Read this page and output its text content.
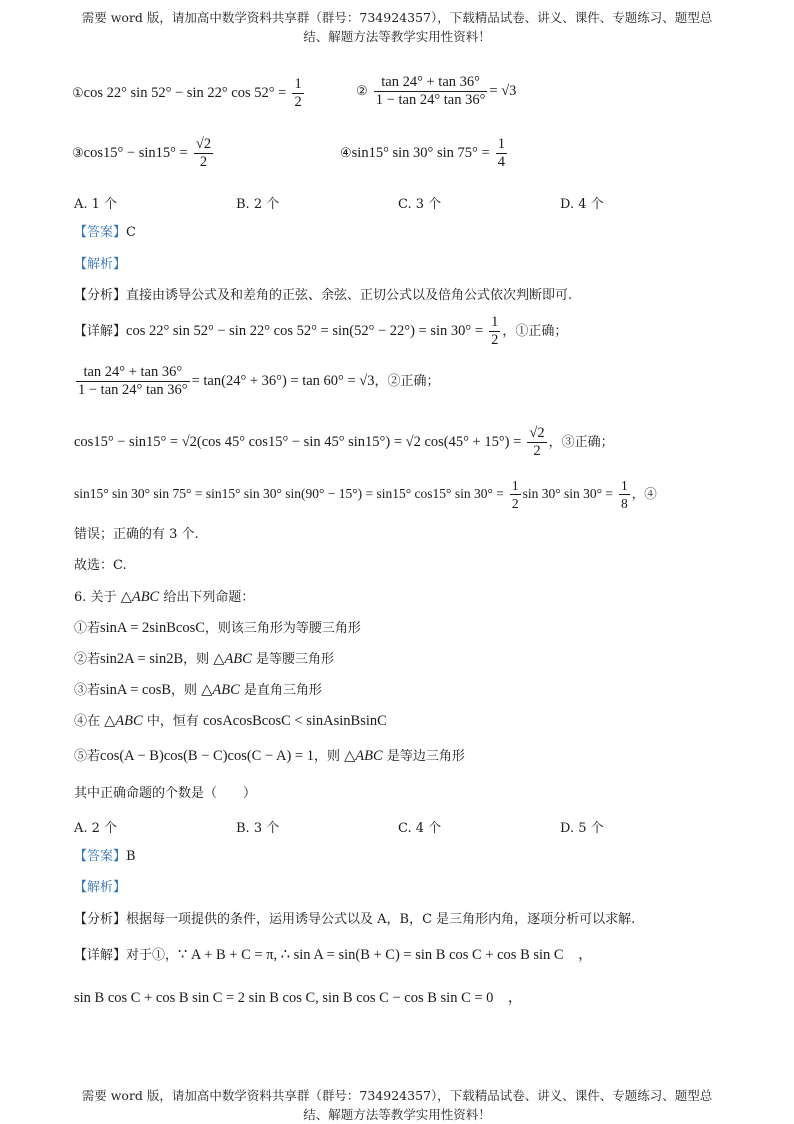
需要 word 版，请加高中数学资料共享群（群号：734924357），下载精品试卷、讲义、课件、专题练习、题型总
结、解题方法等教学实用性资料！
①cos 22° sin 52° − sin 22° $\cos 52^\circ = \frac{1}{2}$	② $\frac{\tan 24^\circ + \tan 36^\circ}{1 - \tan 24^\circ \tan 36^\circ} = √3$
③cos15° − $\sin 15^\circ = \frac{√2}{2}$	④sin15° sin 30° $\sin 75^\circ = \frac{1}{4}$
A. 1 个	B. 2 个	C. 3 个	D. 4 个
【答案】C
【解析】
【分析】直接由诱导公式及和差角的正弦、余弦、正切公式以及倍角公式依次判断即可.
【详解】cos 22° sin 52° − sin 22° $\cos 52^\circ = \sin(52^\circ - 22^\circ) = \sin 30^\circ = \frac{1}{2}$ ，①正确；
$\frac{\tan 24^\circ + \tan 36^\circ}{1 - \tan 24^\circ \tan 36^\circ} = \tan(24^\circ + 36^\circ) = \tan 60^\circ = √3$，②正确；
cos15° − sin15° = √2(cos 45° cos15° − sin 45° sin15°) = √2 $\cos(45^\circ + 15^\circ) = \frac{√2}{2}$ ，③正确；
sin15° sin 30° sin 75° = sin15° sin 30° sin(90° − 15°) = sin15° cos15° $\sin 30^\circ = \frac{1}{2}$ sin 30° $\sin 30^\circ = \frac{1}{8}$ ，④
错误；正确的有 3 个.
故选：C.
6. 关于 △ABC 给出下列命题：
①若sinA = 2sinBcosC，则该三角形为等腰三角形
②若sin2A = sin2B，则 △ABC 是等腰三角形
③若sinA = cosB，则 △ABC 是直角三角形
④在 △ABC 中，恒有 cosAcosBcosC < sinAsinBsinC
⑤若cos(A − B)cos(B − C)cos(C − A) = 1，则 △ABC 是等边三角形
其中正确命题的个数是（　　）
A. 2 个	B. 3 个	C. 4 个	D. 5 个
【答案】B
【解析】
【分析】根据每一项提供的条件，运用诱导公式以及 A，B，C 是三角形内角，逐项分析可以求解.
【详解】对于①，∵ A + B + C = π, ∴ sin A = sin(B + C) = sin B cos C + cos B sin C　，
sin B cos C + cos B sin C = 2 sin B cos C, sin B cos C − cos B sin C = 0　，
需要 word 版，请加高中数学资料共享群（群号：734924357），下载精品试卷、讲义、课件、专题练习、题型总
结、解题方法等教学实用性资料！
